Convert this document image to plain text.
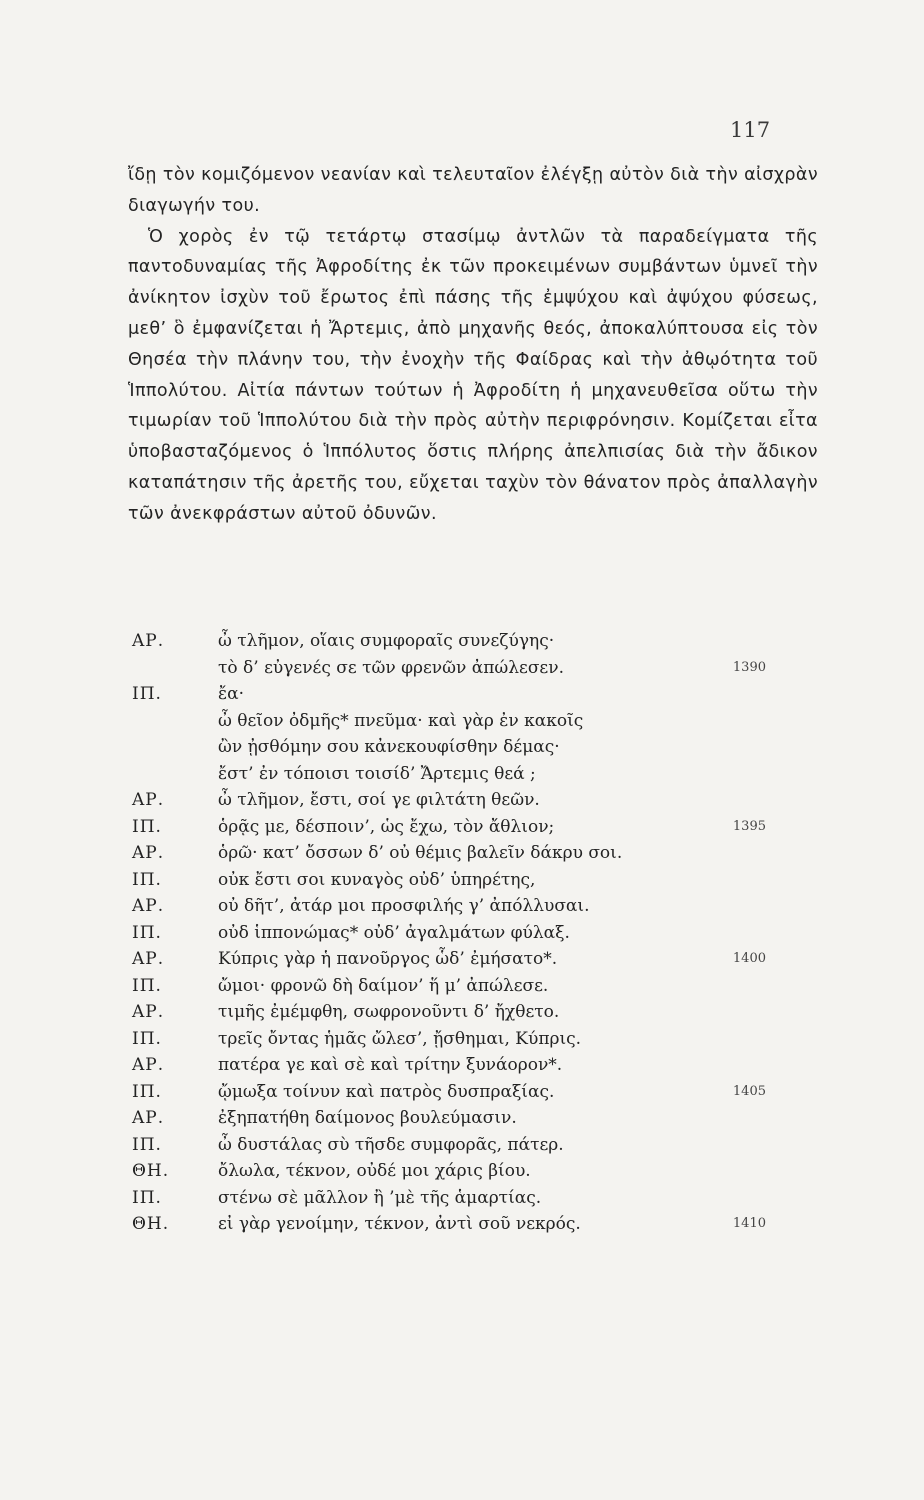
117

ἴδῃ τὸν κομιζόμενον νεανίαν καὶ τελευταῖον ἐλέγξῃ αὐτὸν διὰ τὴν αἰσχρὰν διαγωγήν του.

Ὁ χορὸς ἐν τῷ τετάρτῳ στασίμῳ ἀντλῶν τὰ παραδείγματα τῆς παντοδυναμίας τῆς Ἀφροδίτης ἐκ τῶν προκειμένων συμβάντων ὑμνεῖ τὴν ἀνίκητον ἰσχὺν τοῦ ἔρωτος ἐπὶ πάσης τῆς ἐμψύχου καὶ ἀψύχου φύσεως, μεθ’ ὃ ἐμφανίζεται ἡ Ἄρτεμις, ἀπὸ μηχανῆς θεός, ἀποκαλύπτουσα εἰς τὸν Θησέα τὴν πλάνην του, τὴν ἐνοχὴν τῆς Φαίδρας καὶ τὴν ἀθῳότητα τοῦ Ἱππολύτου. Αἰτία πάντων τούτων ἡ Ἀφροδίτη ἡ μηχανευθεῖσα οὕτω τὴν τιμωρίαν τοῦ Ἱππολύτου διὰ τὴν πρὸς αὐτὴν περιφρόνησιν. Κομίζεται εἶτα ὑποβασταζόμενος ὁ Ἱππόλυτος ὅστις πλήρης ἀπελπισίας διὰ τὴν ἄδικον καταπάτησιν τῆς ἀρετῆς του, εὔχεται ταχὺν τὸν θάνατον πρὸς ἀπαλλαγὴν τῶν ἀνεκφράστων αὐτοῦ ὀδυνῶν.

ΑΡ.	ὦ τλῆμον, οἵαις συμφοραῖς συνεζύγης·
τὸ δ’ εὐγενές σε τῶν φρενῶν ἀπώλεσεν.	1390
ΙΠ.	ἔα·
ὦ θεῖον ὀδμῆς* πνεῦμα· καὶ γὰρ ἐν κακοῖς
ὢν ᾐσθόμην σου κἀνεκουφίσθην δέμας·
ἔστ’ ἐν τόποισι τοισίδ’ Ἄρτεμις θεά ;
ΑΡ.	ὦ τλῆμον, ἔστι, σοί γε φιλτάτη θεῶν.
ΙΠ.	ὁρᾷς με, δέσποιν’, ὡς ἔχω, τὸν ἄθλιον;	1395
ΑΡ.	ὁρῶ· κατ’ ὄσσων δ’ οὐ θέμις βαλεῖν δάκρυ σοι.
ΙΠ.	οὐκ ἔστι σοι κυναγὸς οὐδ’ ὑπηρέτης,
ΑΡ.	οὐ δῆτ’, ἀτάρ μοι προσφιλής γ’ ἀπόλλυσαι.
ΙΠ.	οὐδ ἱππονώμας* οὐδ’ ἀγαλμάτων φύλαξ.
ΑΡ.	Κύπρις γὰρ ἡ πανοῦργος ὧδ’ ἐμήσατο*.	1400
ΙΠ.	ὤμοι· φρονῶ δὴ δαίμον’ ἥ μ’ ἀπώλεσε.
ΑΡ.	τιμῆς ἐμέμφθη, σωφρονοῦντι δ’ ἤχθετο.
ΙΠ.	τρεῖς ὄντας ἡμᾶς ὤλεσ’, ᾔσθημαι, Κύπρις.
ΑΡ.	πατέρα γε καὶ σὲ καὶ τρίτην ξυνάορον*.
ΙΠ.	ᾤμωξα τοίνυν καὶ πατρὸς δυσπραξίας.	1405
ΑΡ.	ἐξηπατήθη δαίμονος βουλεύμασιν.
ΙΠ.	ὦ δυστάλας σὺ τῆσδε συμφορᾶς, πάτερ.
ΘΗ.	ὄλωλα, τέκνον, οὐδέ μοι χάρις βίου.
ΙΠ.	στένω σὲ μᾶλλον ἢ ’μὲ τῆς ἁμαρτίας.
ΘΗ.	εἰ γὰρ γενοίμην, τέκνον, ἀντὶ σοῦ νεκρός.	1410
